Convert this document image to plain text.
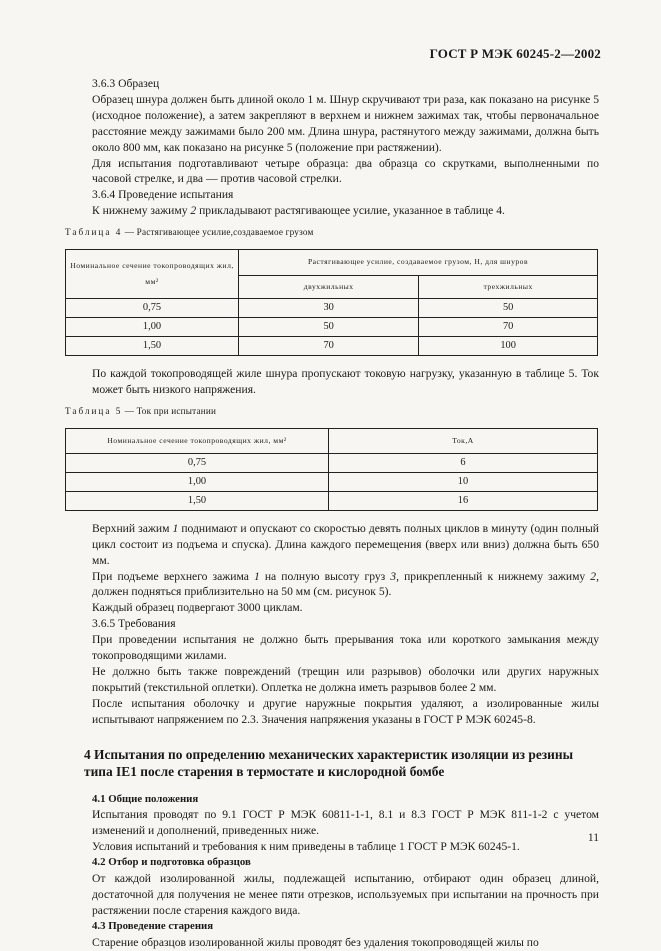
ГОСТ Р МЭК 60245-2—2002

3.6.3 Образец

Образец шнура должен быть длиной около 1 м. Шнур скручивают три раза, как показано на рисунке 5 (исходное положение), а затем закрепляют в верхнем и нижнем зажимах так, чтобы первоначальное расстояние между зажимами было 200 мм. Длина шнура, растянутого между зажимами, должна быть около 800 мм, как показано на рисунке 5 (положение при растяжении).

Для испытания подготавливают четыре образца: два образца со скрутками, выполненными по часовой стрелке, и два — против часовой стрелки.

3.6.4 Проведение испытания

К нижнему зажиму 2 прикладывают растягивающее усилие, указанное в таблице 4.

Таблица 4 — Растягивающее усилие,создаваемое грузом
Номинальное сечение токопроводящих жил, мм²	Растягивающее усилие, создаваемое грузом, Н, для шнуров	
	двухжильных	трехжильных
0,75	30	50
1,00	50	70
1,50	70	100

По каждой токопроводящей жиле шнура пропускают токовую нагрузку, указанную в таблице 5. Ток может быть низкого напряжения.

Таблица 5 — Ток при испытании
Номинальное сечение токопроводящих жил, мм²	Ток,А
0,75	6
1,00	10
1,50	16

Верхний зажим 1 поднимают и опускают со скоростью девять полных циклов в минуту (один полный цикл состоит из подъема и спуска). Длина каждого перемещения (вверх или вниз) должна быть 650 мм.

При подъеме верхнего зажима 1 на полную высоту груз 3, прикрепленный к нижнему зажиму 2, должен подняться приблизительно на 50 мм (см. рисунок 5).

Каждый образец подвергают 3000 циклам.

3.6.5 Требования

При проведении испытания не должно быть прерывания тока или короткого замыкания между токопроводящими жилами.

Не должно быть также повреждений (трещин или разрывов) оболочки или других наружных покрытий (текстильной оплетки). Оплетка не должна иметь разрывов более 2 мм.

После испытания оболочку и другие наружные покрытия удаляют, а изолированные жилы испытывают напряжением по 2.3. Значения напряжения указаны в ГОСТ Р МЭК 60245-8.

4 Испытания по определению механических характеристик изоляции из резины типа IE1 после старения в термостате и кислородной бомбе

4.1 Общие положения

Испытания проводят по 9.1 ГОСТ Р МЭК 60811-1-1, 8.1 и 8.3 ГОСТ Р МЭК 811-1-2 с учетом изменений и дополнений, приведенных ниже.

Условия испытаний и требования к ним приведены в таблице 1 ГОСТ Р МЭК 60245-1.

4.2 Отбор и подготовка образцов

От каждой изолированной жилы, подлежащей испытанию, отбирают один образец длиной, достаточной для получения не менее пяти отрезков, используемых при испытании на прочность при растяжении после старения каждого вида.

4.3 Проведение старения

Старение образцов изолированной жилы проводят без удаления токопроводящей жилы по

11
